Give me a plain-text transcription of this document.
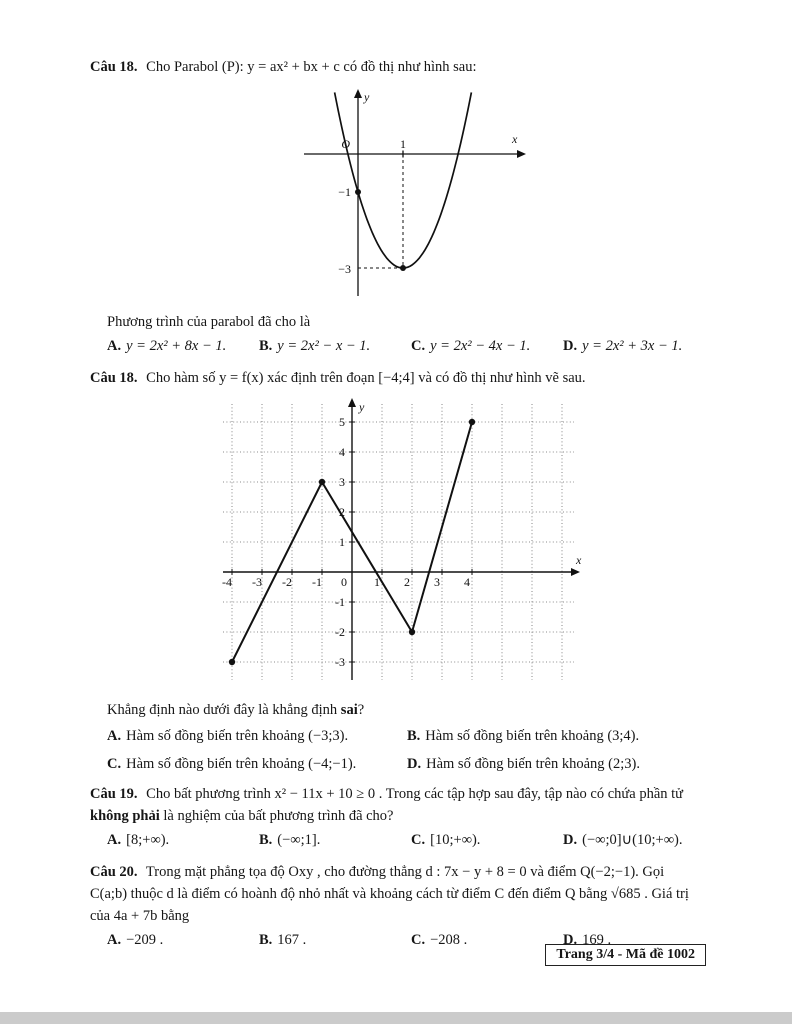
Câu 18. Cho Parabol (P): y = ax² + bx + c có đồ thị như hình sau:

O	1
−1
−3
x
y

Phương trình của parabol đã cho là

A. y = 2x² + 8x − 1.	B. y = 2x² − x − 1.	C. y = 2x² − 4x − 1.	D. y = 2x² + 3x − 1.

Câu 18. Cho hàm số y = f(x) xác định trên đoạn [−4;4] và có đồ thị như hình vẽ sau.

-4 -3 -2 -1 0 1 2 3 4
-3
-2
-1
1
2
3
4
5
x
y

Khẳng định nào dưới đây là khẳng định sai?

A. Hàm số đồng biến trên khoảng (−3;3).	B. Hàm số đồng biến trên khoảng (3;4).
C. Hàm số đồng biến trên khoảng (−4;−1).	D. Hàm số đồng biến trên khoảng (2;3).

Câu 19. Cho bất phương trình x² − 11x + 10 ≥ 0 . Trong các tập hợp sau đây, tập nào có chứa phần tử không phải là nghiệm của bất phương trình đã cho?

A. [8;+∞).	B. (−∞;1].	C. [10;+∞).	D. (−∞;0]∪(10;+∞).

Câu 20. Trong mặt phẳng tọa độ Oxy , cho đường thẳng d : 7x − y + 8 = 0 và điểm Q(−2;−1). Gọi C(a;b) thuộc d là điểm có hoành độ nhỏ nhất và khoảng cách từ điểm C đến điểm Q bằng √685 . Giá trị của 4a + 7b bằng

A. −209 .	B. 167 .	C. −208 .	D. 169 .
Trang 3/4 - Mã đề 1002
